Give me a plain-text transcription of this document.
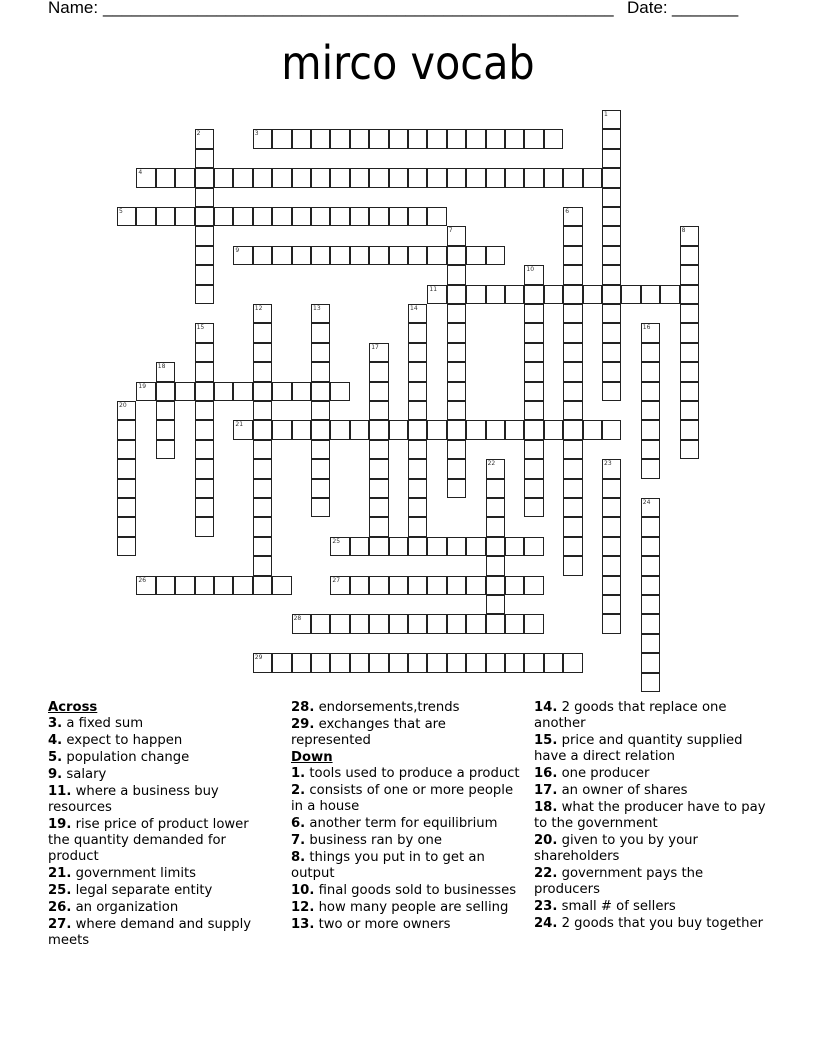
Name: ______________________________________________________ Date: _______
mirco vocab
1
2	3
4
5	6
7	8
9
10
11
12	13	14
15	16
17
18
19
20
21
22	23
24
25
26	27
28
29
Across
3. a fixed sum
4. expect to happen
5. population change
9. salary
11. where a business buy resources
19. rise price of product lower the quantity demanded for product
21. government limits
25. legal separate entity
26. an organization
27. where demand and supply meets
28. endorsements,trends
29. exchanges that are represented
Down
1. tools used to produce a product
2. consists of one or more people in a house
6. another term for equilibrium
7. business ran by one
8. things you put in to get an output
10. final goods sold to businesses
12. how many people are selling
13. two or more owners
14. 2 goods that replace one another
15. price and quantity supplied have a direct relation
16. one producer
17. an owner of shares
18. what the producer have to pay to the government
20. given to you by your shareholders
22. government pays the producers
23. small # of sellers
24. 2 goods that you buy together
